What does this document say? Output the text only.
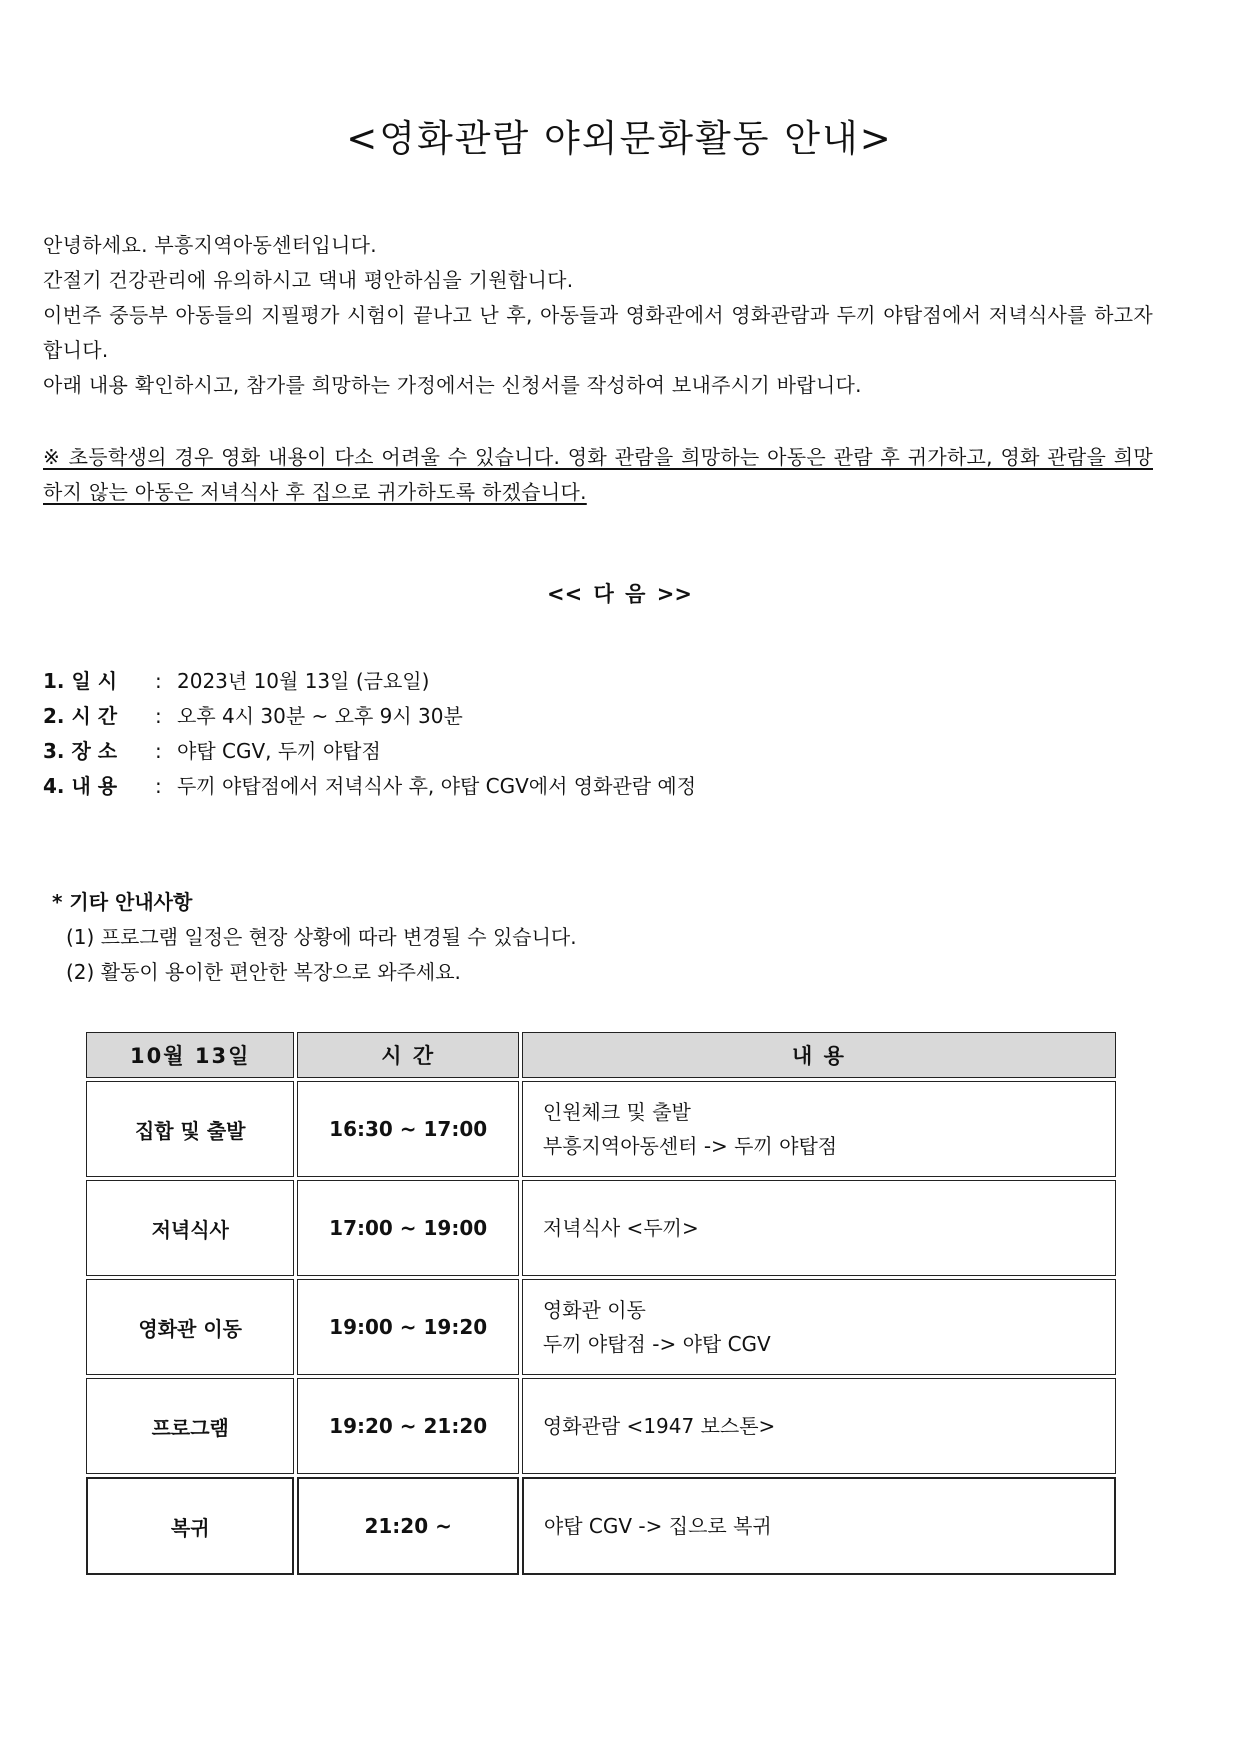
<영화관람 야외문화활동 안내>

안녕하세요. 부흥지역아동센터입니다.

간절기 건강관리에 유의하시고 댁내 평안하심을 기원합니다.

이번주 중등부 아동들의 지필평가 시험이 끝나고 난 후, 아동들과 영화관에서 영화관람과 두끼 야탑점에서 저녁식사를 하고자 합니다.

아래 내용 확인하시고, 참가를 희망하는 가정에서는 신청서를 작성하여 보내주시기 바랍니다.

※ 초등학생의 경우 영화 내용이 다소 어려울 수 있습니다. 영화 관람을 희망하는 아동은 관람 후 귀가하고, 영화 관람을 희망하지 않는 아동은 저녁식사 후 집으로 귀가하도록 하겠습니다.
<< 다 음 >>
1. 일 시	: 2023년 10월 13일 (금요일)
2. 시 간	: 오후 4시 30분 ~ 오후 9시 30분
3. 장 소	: 야탑 CGV, 두끼 야탑점
4. 내 용	: 두끼 야탑점에서 저녁식사 후, 야탑 CGV에서 영화관람 예정
* 기타 안내사항
(1) 프로그램 일정은 현장 상황에 따라 변경될 수 있습니다.
(2) 활동이 용이한 편안한 복장으로 와주세요.
10월 13일	시 간	내 용
집합 및 출발	16:30 ~ 17:00	인원체크 및 출발
부흥지역아동센터 -> 두끼 야탑점

저녁식사	17:00 ~ 19:00	저녁식사 <두끼>

영화관 이동	19:00 ~ 19:20	영화관 이동
두끼 야탑점 -> 야탑 CGV

프로그램	19:20 ~ 21:20	영화관람 <1947 보스톤>

복귀	21:20 ~	야탑 CGV -> 집으로 복귀
